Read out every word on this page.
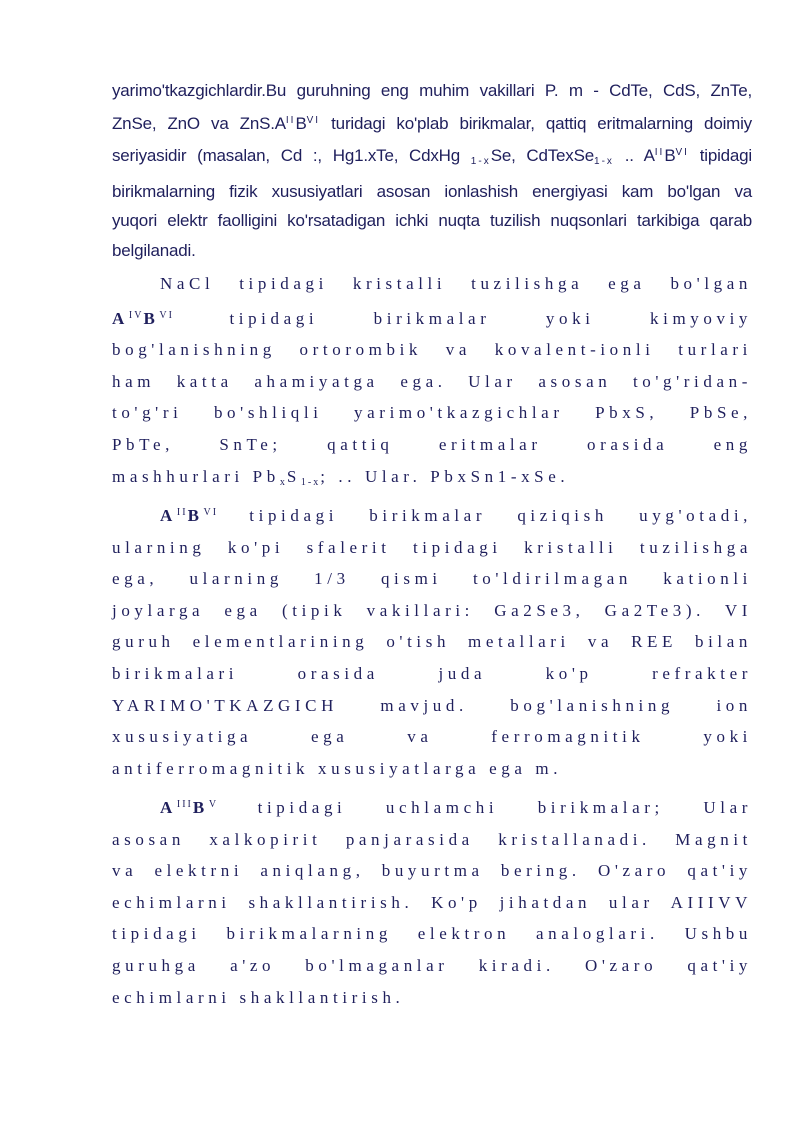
yarimo'tkazgichlardir.Bu guruhning eng muhim vakillari P. m - CdTe, CdS, ZnTe,
ZnSe, ZnO va $ZnS.A^{II}B^{VI}$ turidagi ko'plab birikmalar, qattiq eritmalarning doimiy
seriyasidir (masalan, Cd :, Hg1.xTe, CdxHg $_{1-x}$Se, CdTexSe$_{1-x}$ .. $A^{II}B^{VI}$ tipidagi
birikmalarning fizik xususiyatlari asosan ionlashish energiyasi kam bo'lgan va
yuqori elektr faolligini ko'rsatadigan ichki nuqta tuzilish nuqsonlari tarkibiga qarab
belgilanadi.
NaCl tipidagi kristalli tuzilishga ega bo'lgan
$A^{IV}B^{VI}$ tipidagi birikmalar yoki kimyoviy
bog'lanishning ortorombik va kovalent-ionli turlari
ham katta ahamiyatga ega. Ular asosan to'g'ridan-
to'g'ri bo'shliqli yarimo'tkazgichlar PbxS, PbSe,
PbTe, SnTe; qattiq eritmalar orasida eng
mashhurlari $Pb_xS_{1-x}$; .. Ular. PbxSn1-xSe.
$A^{II}B^{VI}$ tipidagi birikmalar qiziqish uyg'otadi,
ularning ko'pi sfalerit tipidagi kristalli tuzilishga
ega, ularning 1/3 qismi to'ldirilmagan kationli
joylarga ega (tipik vakillari: Ga2Se3, Ga2Te3). VI
guruh elementlarining o'tish metallari va REE bilan
birikmalari orasida juda ko'p refrakter
YARIMO'TKAZGICH mavjud. bog'lanishning ion
xususiyatiga ega va ferromagnitik yoki
antiferromagnitik xususiyatlarga ega m.
$A^{III}B^V$ tipidagi uchlamchi birikmalar; Ular
asosan xalkopirit panjarasida kristallanadi. Magnit
va elektrni aniqlang, buyurtma bering. O'zaro qat'iy
echimlarni shakllantirish. Ko'p jihatdan ular AIIIVV
tipidagi birikmalarning elektron analoglari. Ushbu
guruhga a'zo bo'lmaganlar kiradi. O'zaro qat'iy
echimlarni shakllantirish.
